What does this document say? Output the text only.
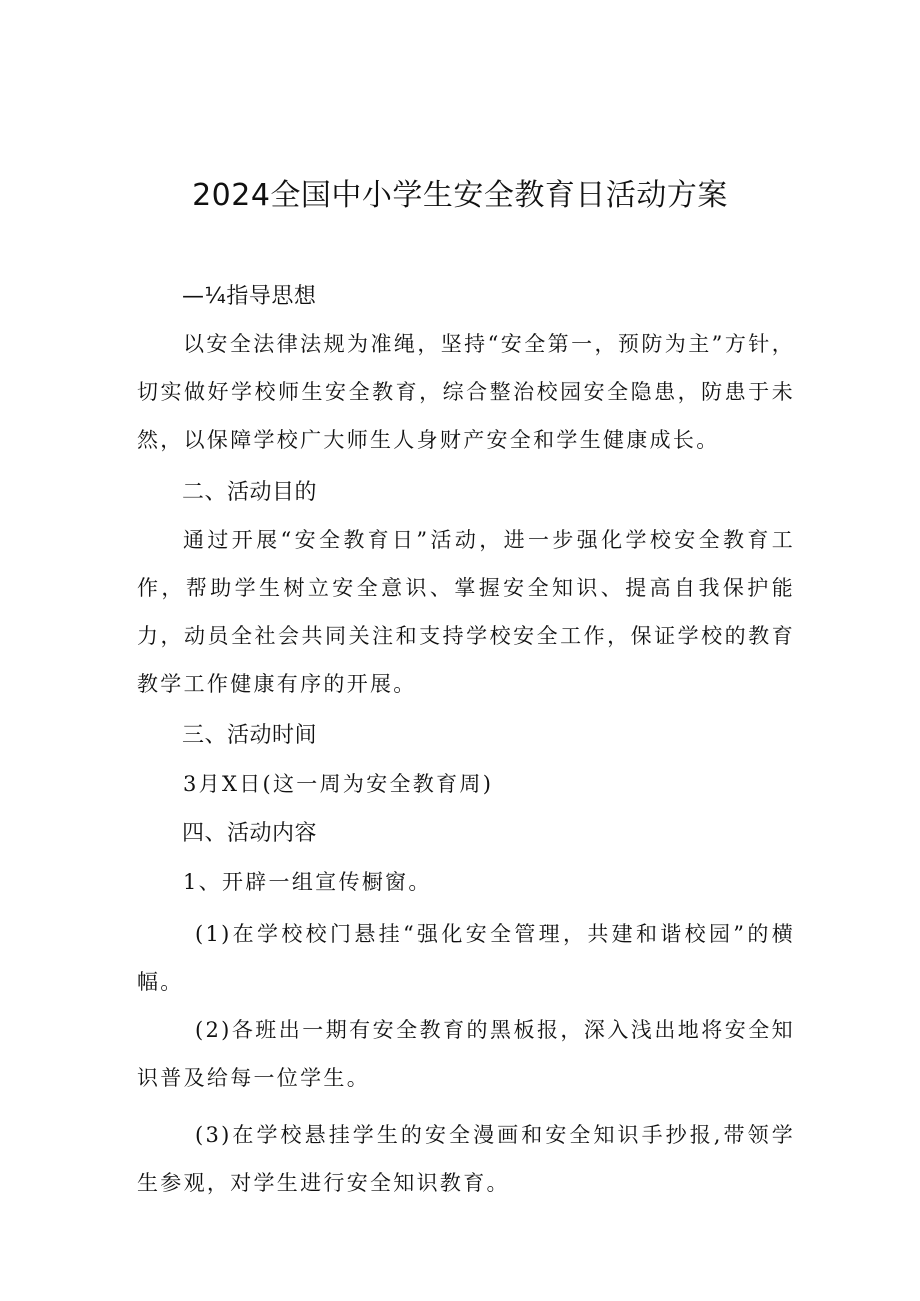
2024全国中小学生安全教育日活动方案
—¼指导思想

以安全法律法规为准绳，坚持“安全第一，预防为主”方针，切实做好学校师生安全教育，综合整治校园安全隐患，防患于未然，以保障学校广大师生人身财产安全和学生健康成长。

二、活动目的

通过开展“安全教育日”活动，进一步强化学校安全教育工作，帮助学生树立安全意识、掌握安全知识、提高自我保护能力，动员全社会共同关注和支持学校安全工作，保证学校的教育教学工作健康有序的开展。

三、活动时间

3月X日(这一周为安全教育周)

四、活动内容

1、开辟一组宣传橱窗。

(1)在学校校门悬挂“强化安全管理，共建和谐校园”的横幅。

(2)各班出一期有安全教育的黑板报，深入浅出地将安全知识普及给每一位学生。

(3)在学校悬挂学生的安全漫画和安全知识手抄报,带领学生参观，对学生进行安全知识教育。
